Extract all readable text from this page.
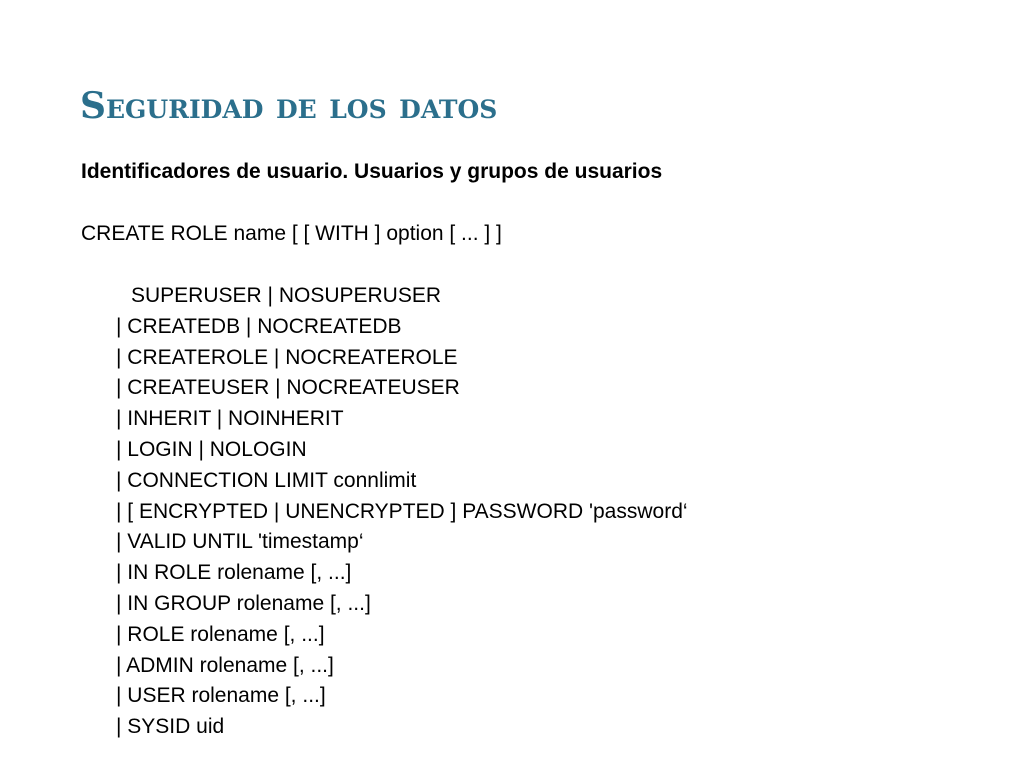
Seguridad de los datos

Identificadores de usuario. Usuarios y grupos de usuarios

CREATE ROLE name [ [ WITH ] option [ ... ] ]

SUPERUSER | NOSUPERUSER
| CREATEDB | NOCREATEDB
| CREATEROLE | NOCREATEROLE
| CREATEUSER | NOCREATEUSER
| INHERIT | NOINHERIT
| LOGIN | NOLOGIN
| CONNECTION LIMIT connlimit
| [ ENCRYPTED | UNENCRYPTED ] PASSWORD 'password‘
| VALID UNTIL 'timestamp‘
| IN ROLE rolename [, ...]
| IN GROUP rolename [, ...]
| ROLE rolename [, ...]
| ADMIN rolename [, ...]
| USER rolename [, ...]
| SYSID uid
